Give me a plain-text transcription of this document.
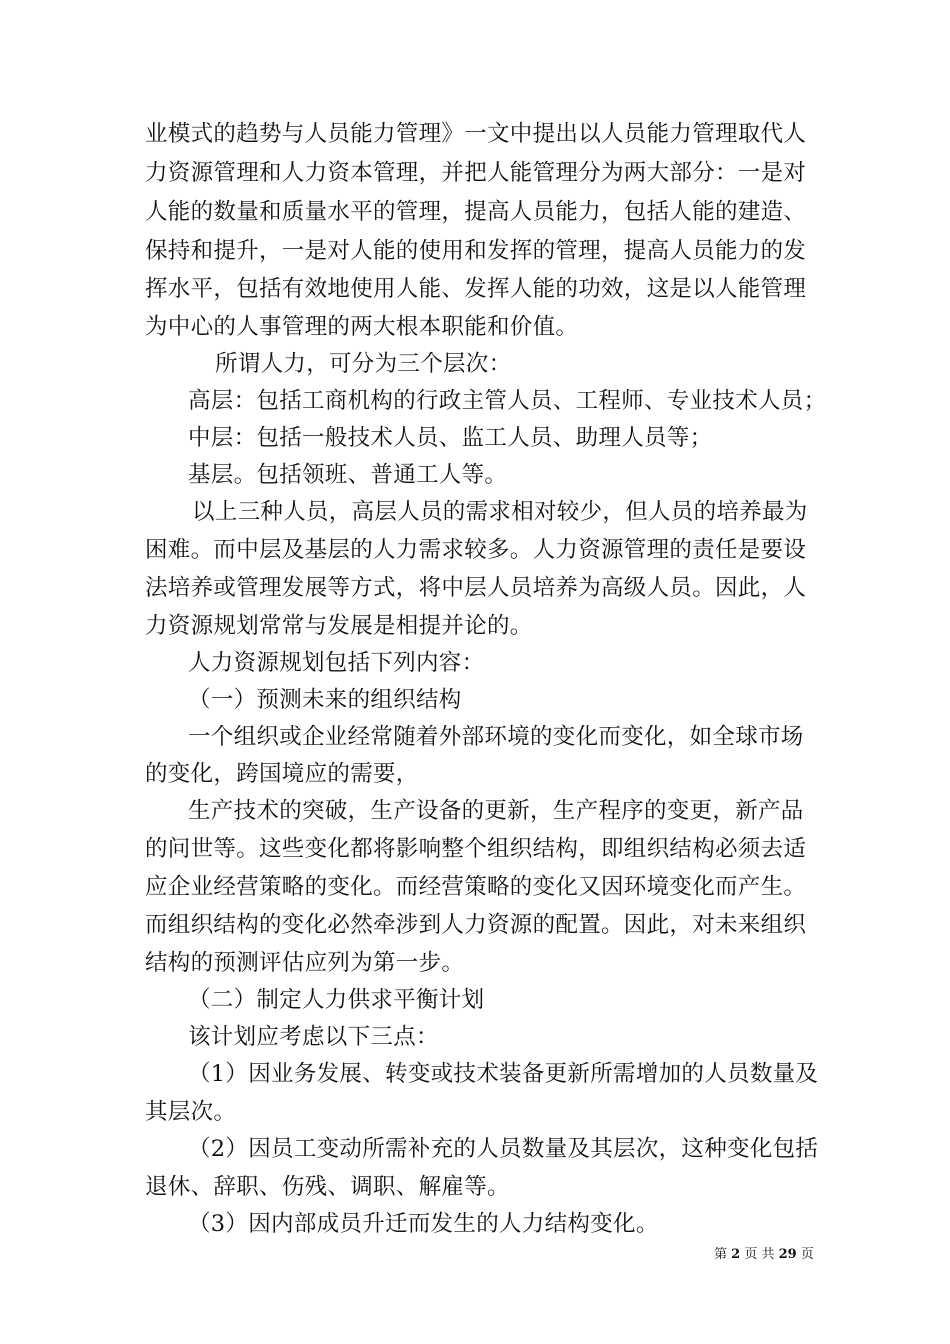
业模式的趋势与人员能力管理》一文中提出以人员能力管理取代人
力资源管理和人力资本管理，并把人能管理分为两大部分：一是对
人能的数量和质量水平的管理，提高人员能力，包括人能的建造、
保持和提升，一是对人能的使用和发挥的管理，提高人员能力的发
挥水平，包括有效地使用人能、发挥人能的功效，这是以人能管理
为中心的人事管理的两大根本职能和价值。
所谓人力，可分为三个层次：
高层：包括工商机构的行政主管人员、工程师、专业技术人员；
中层：包括一般技术人员、监工人员、助理人员等；
基层。包括领班、普通工人等。
以上三种人员，高层人员的需求相对较少，但人员的培养最为
困难。而中层及基层的人力需求较多。人力资源管理的责任是要设
法培养或管理发展等方式，将中层人员培养为高级人员。因此，人
力资源规划常常与发展是相提并论的。
人力资源规划包括下列内容：
（一）预测未来的组织结构
一个组织或企业经常随着外部环境的变化而变化，如全球市场
的变化，跨国境应的需要，
生产技术的突破，生产设备的更新，生产程序的变更，新产品
的问世等。这些变化都将影响整个组织结构，即组织结构必须去适
应企业经营策略的变化。而经营策略的变化又因环境变化而产生。
而组织结构的变化必然牵涉到人力资源的配置。因此，对未来组织
结构的预测评估应列为第一步。
（二）制定人力供求平衡计划
该计划应考虑以下三点：
（1）因业务发展、转变或技术装备更新所需增加的人员数量及
其层次。
（2）因员工变动所需补充的人员数量及其层次，这种变化包括
退休、辞职、伤残、调职、解雇等。
（3）因内部成员升迁而发生的人力结构变化。
第 2 页 共 29 页
